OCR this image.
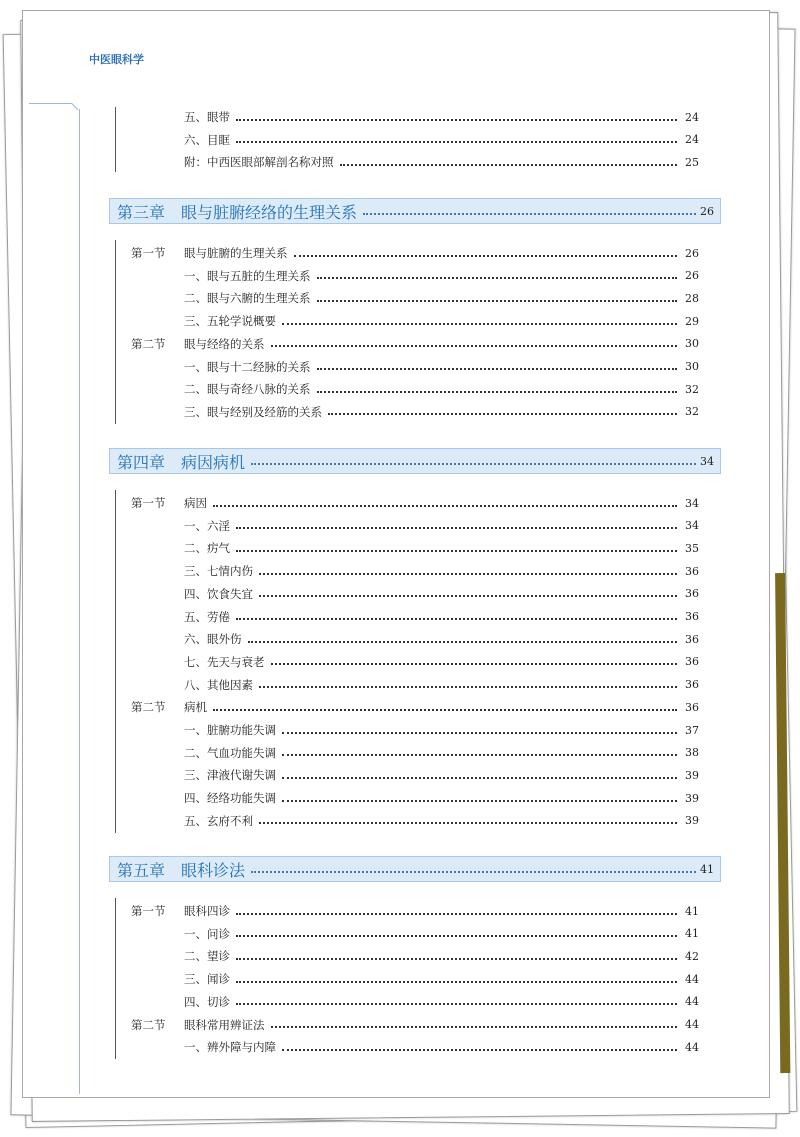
中医眼科学
五、眼带	24
六、目眶	24
附：中西医眼部解剖名称对照	25
第三章　眼与脏腑经络的生理关系	26
第一节	眼与脏腑的生理关系	26
一、眼与五脏的生理关系	26
二、眼与六腑的生理关系	28
三、五轮学说概要	29
第二节	眼与经络的关系	30
一、眼与十二经脉的关系	30
二、眼与奇经八脉的关系	32
三、眼与经别及经筋的关系	32
第四章　病因病机	34
第一节	病因	34
一、六淫	34
二、疠气	35
三、七情内伤	36
四、饮食失宜	36
五、劳倦	36
六、眼外伤	36
七、先天与衰老	36
八、其他因素	36
第二节	病机	36
一、脏腑功能失调	37
二、气血功能失调	38
三、津液代谢失调	39
四、经络功能失调	39
五、玄府不利	39
第五章　眼科诊法	41
第一节	眼科四诊	41
一、问诊	41
二、望诊	42
三、闻诊	44
四、切诊	44
第二节	眼科常用辨证法	44
一、辨外障与内障	44
